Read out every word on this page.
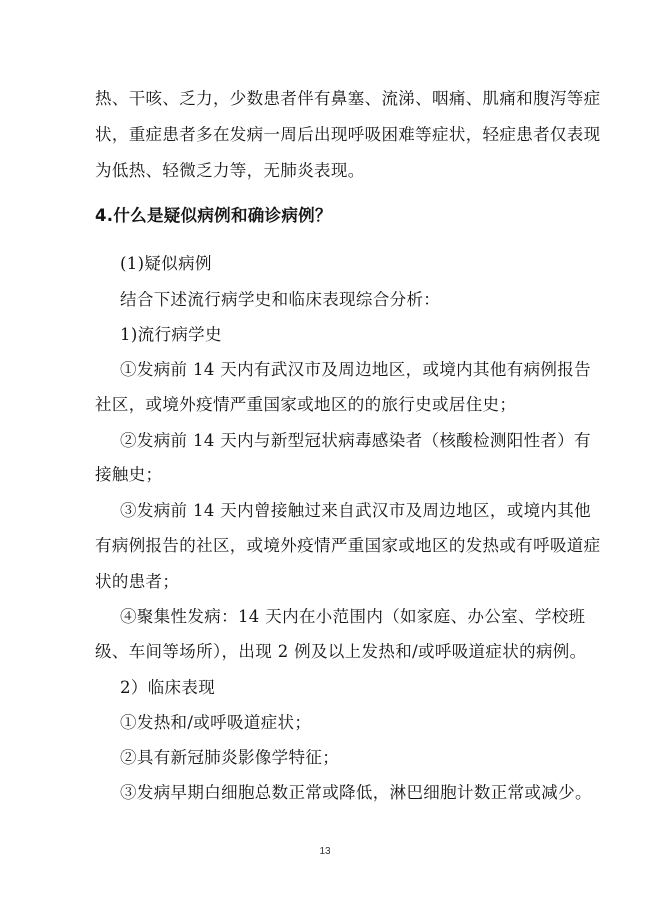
热、干咳、乏力，少数患者伴有鼻塞、流涕、咽痛、肌痛和腹泻等症
状，重症患者多在发病一周后出现呼吸困难等症状，轻症患者仅表现
为低热、轻微乏力等，无肺炎表现。
4.什么是疑似病例和确诊病例？
(1)疑似病例
结合下述流行病学史和临床表现综合分析：
1)流行病学史
①发病前 14 天内有武汉市及周边地区，或境内其他有病例报告
社区，或境外疫情严重国家或地区的的旅行史或居住史；
②发病前 14 天内与新型冠状病毒感染者（核酸检测阳性者）有
接触史；
③发病前 14 天内曾接触过来自武汉市及周边地区，或境内其他
有病例报告的社区，或境外疫情严重国家或地区的发热或有呼吸道症
状的患者；
④聚集性发病：14 天内在小范围内（如家庭、办公室、学校班
级、车间等场所），出现 2 例及以上发热和/或呼吸道症状的病例。
2）临床表现
①发热和/或呼吸道症状；
②具有新冠肺炎影像学特征；
③发病早期白细胞总数正常或降低，淋巴细胞计数正常或减少。
13
